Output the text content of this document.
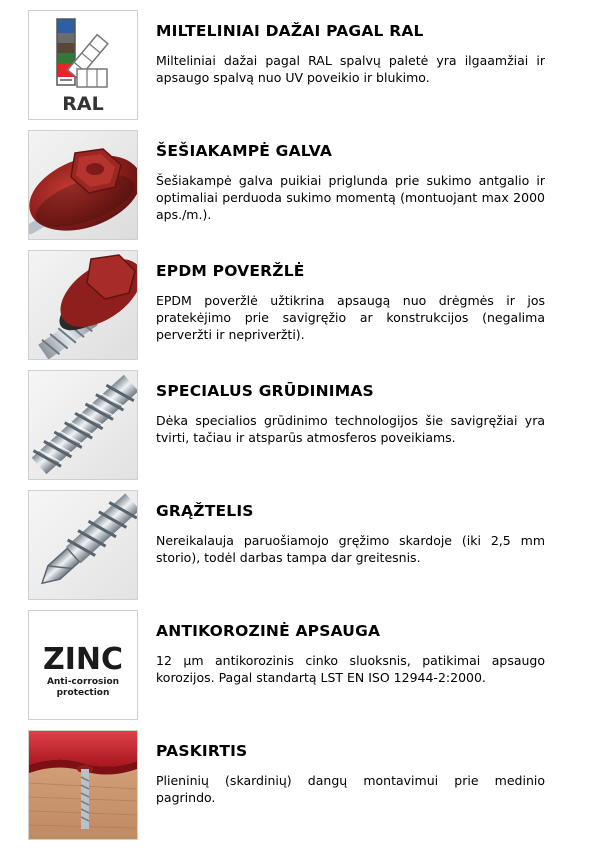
RAL
MILTELINIAI DAŽAI PAGAL RAL

Milteliniai dažai pagal RAL spalvų paletė yra ilgaamžiai ir apsaugo spalvą nuo UV poveikio ir blukimo.

ŠEŠIAKAMPĖ GALVA

Šešiakampė galva puikiai priglunda prie sukimo antgalio ir optimaliai perduoda sukimo momentą (montuojant max 2000 aps./m.).

EPDM POVERŽLĖ

EPDM poveržlė užtikrina apsaugą nuo drėgmės ir jos pratekėjimo prie savigręžio ar konstrukcijos (negalima perveržti ir nepriveržti).

SPECIALUS GRŪDINIMAS

Dėka specialios grūdinimo technologijos šie savigręžiai yra tvirti, tačiau ir atsparūs atmosferos poveikiams.

GRĄŽTELIS

Nereikalauja paruošiamojo gręžimo skardoje (iki 2,5 mm storio), todėl darbas tampa dar greitesnis.

ZINC
Anti-corrosion
protection
ANTIKOROZINĖ APSAUGA

12 µm antikorozinis cinko sluoksnis, patikimai apsaugo korozijos. Pagal standartą LST EN ISO 12944-2:2000.

PASKIRTIS

Plieninių (skardinių) dangų montavimui prie medinio pagrindo.
